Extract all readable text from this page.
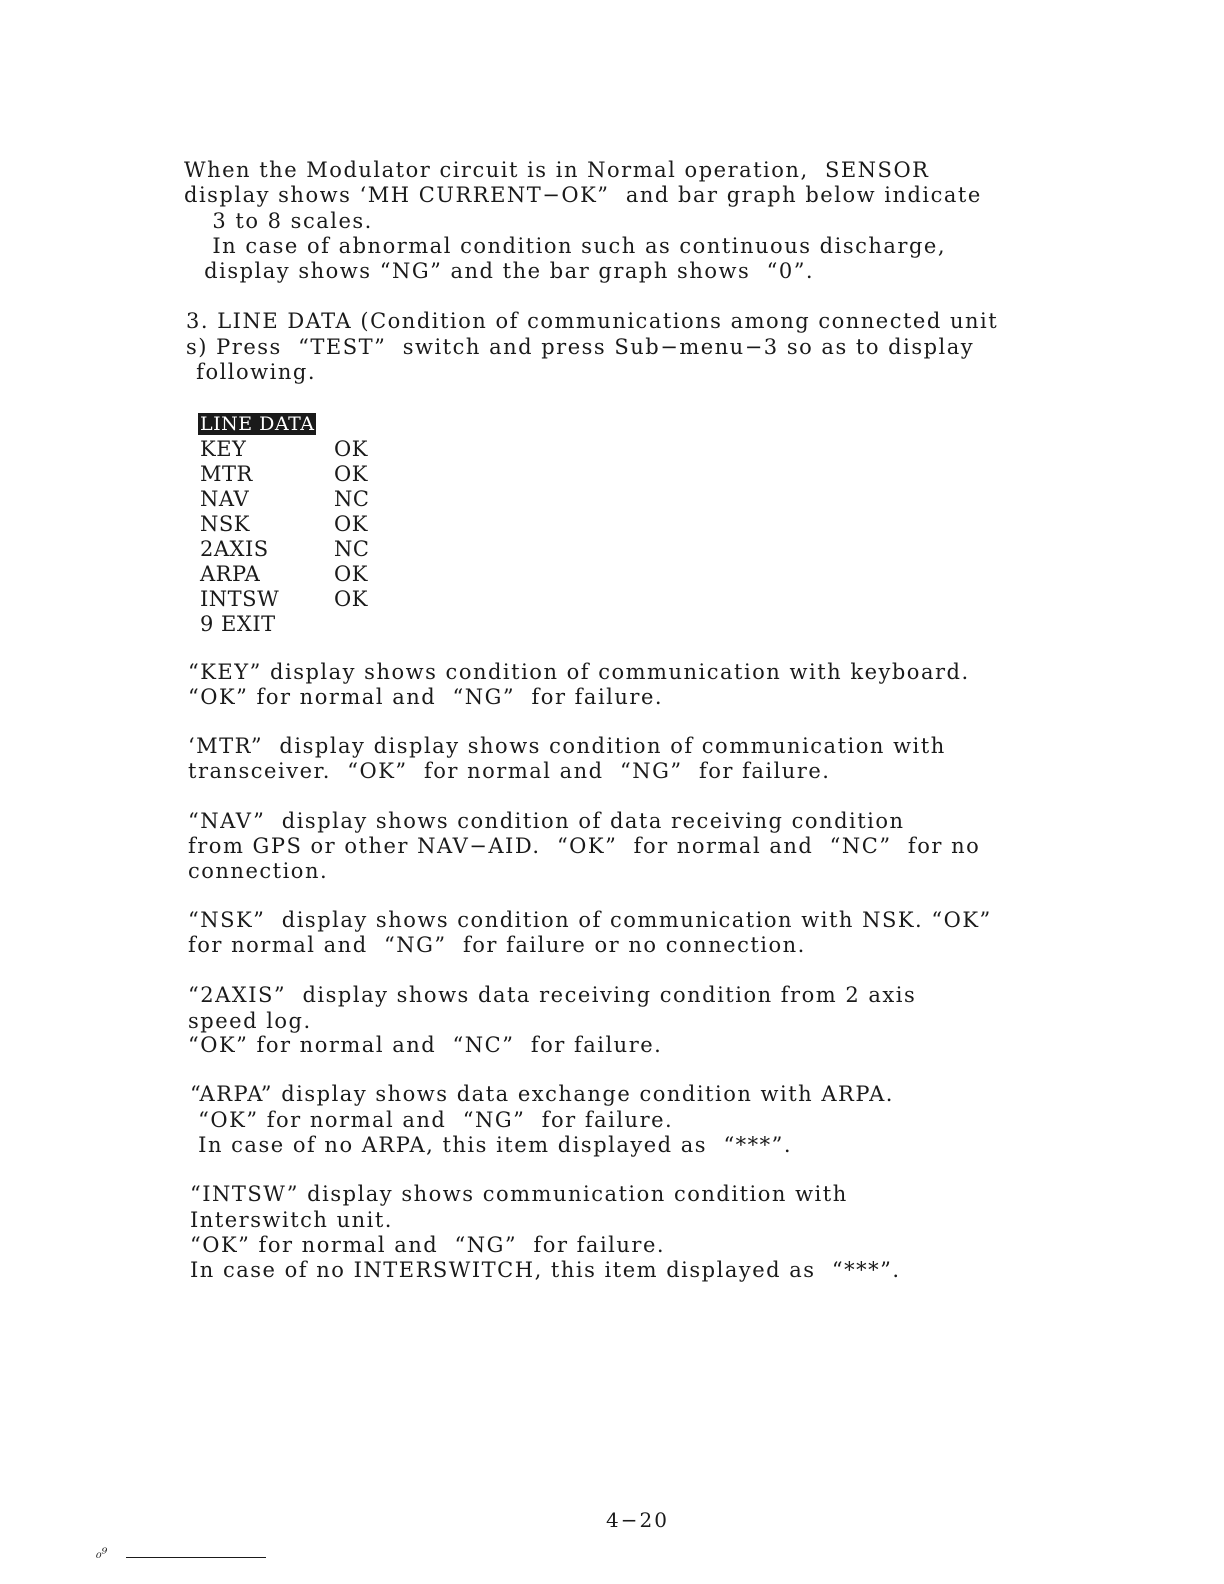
When the Modulator circuit is in Normal operation,  SENSOR
display shows ‘MH CURRENT−OK”  and bar graph below indicate
3 to 8 scales.
In case of abnormal condition such as continuous discharge,
display shows “NG” and the bar graph shows  “0”.
3. LINE DATA (Condition of communications among connected unit
s) Press  “TEST”  switch and press Sub−menu−3 so as to display
following.
LINE DATA
KEY	OK
MTR	OK
NAV	NC
NSK	OK
2AXIS	NC
ARPA	OK
INTSW	OK
9 EXIT
“KEY” display shows condition of communication with keyboard.
“OK” for normal and  “NG”  for failure.
‘MTR”  display display shows condition of communication with
transceiver.  “OK”  for normal and  “NG”  for failure.
“NAV”  display shows condition of data receiving condition
from GPS or other NAV−AID.  “OK”  for normal and  “NC”  for no
connection.
“NSK”  display shows condition of communication with NSK. “OK”
for normal and  “NG”  for failure or no connection.
“2AXIS”  display shows data receiving condition from 2 axis
speed log.
“OK” for normal and  “NC”  for failure.
“ARPA” display shows data exchange condition with ARPA.
“OK” for normal and  “NG”  for failure.
In case of no ARPA, this item displayed as  “***”.
“INTSW” display shows communication condition with
Interswitch unit.
“OK” for normal and  “NG”  for failure.
In case of no INTERSWITCH, this item displayed as  “***”.
4−20
₀⁹
